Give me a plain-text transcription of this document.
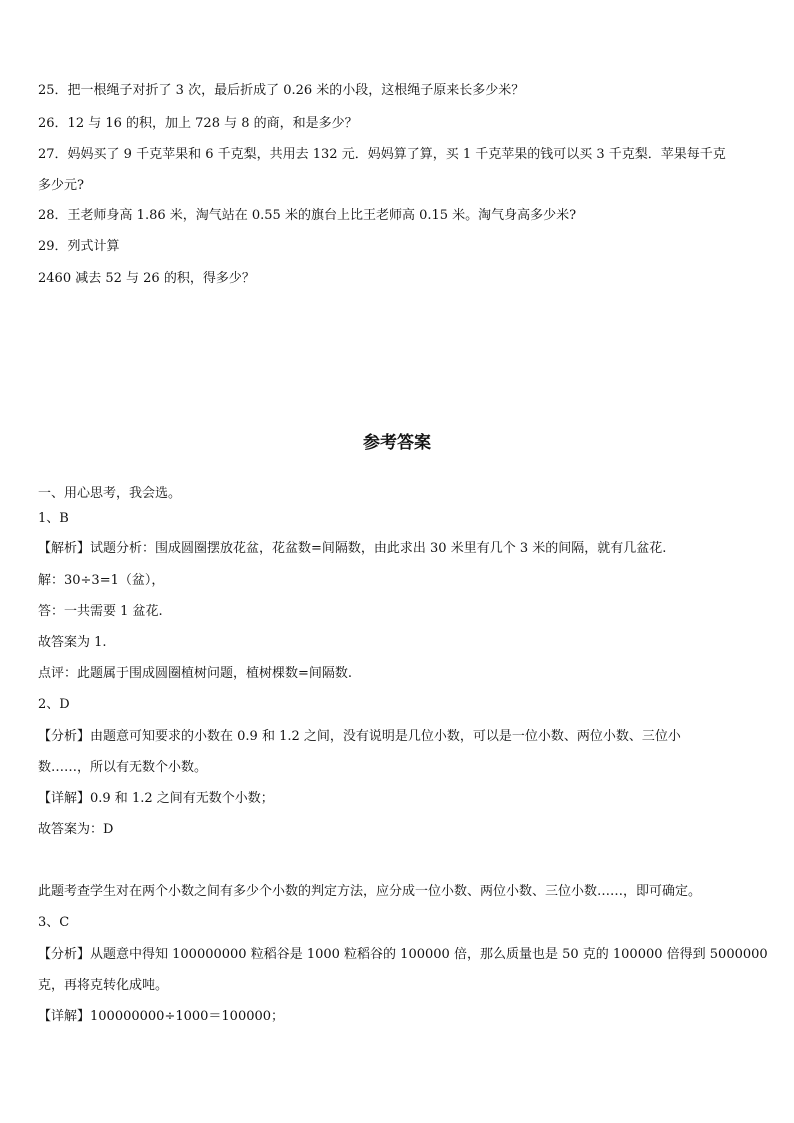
25．把一根绳子对折了 3 次，最后折成了 0.26 米的小段，这根绳子原来长多少米？
26．12 与 16 的积，加上 728 与 8 的商，和是多少？
27．妈妈买了 9 千克苹果和 6 千克梨，共用去 132 元．妈妈算了算，买 1 千克苹果的钱可以买 3 千克梨．苹果每千克
多少元?
28．王老师身高 1.86 米，淘气站在 0.55 米的旗台上比王老师高 0.15 米。淘气身高多少米?
29．列式计算
2460 减去 52 与 26 的积，得多少？
参考答案
一、用心思考，我会选。
1、B
【解析】试题分析：围成圆圈摆放花盆，花盆数=间隔数，由此求出 30 米里有几个 3 米的间隔，就有几盆花.
解：30÷3=1（盆），
答：一共需要 1 盆花.
故答案为 1.
点评：此题属于围成圆圈植树问题，植树棵数=间隔数.
2、D
【分析】由题意可知要求的小数在 0.9 和 1.2 之间，没有说明是几位小数，可以是一位小数、两位小数、三位小
数……，所以有无数个小数。
【详解】0.9 和 1.2 之间有无数个小数；
故答案为：D
此题考查学生对在两个小数之间有多少个小数的判定方法，应分成一位小数、两位小数、三位小数……，即可确定。
3、C
【分析】从题意中得知 100000000 粒稻谷是 1000 粒稻谷的 100000 倍，那么质量也是 50 克的 100000 倍得到 5000000
克，再将克转化成吨。
【详解】100000000÷1000＝100000；
